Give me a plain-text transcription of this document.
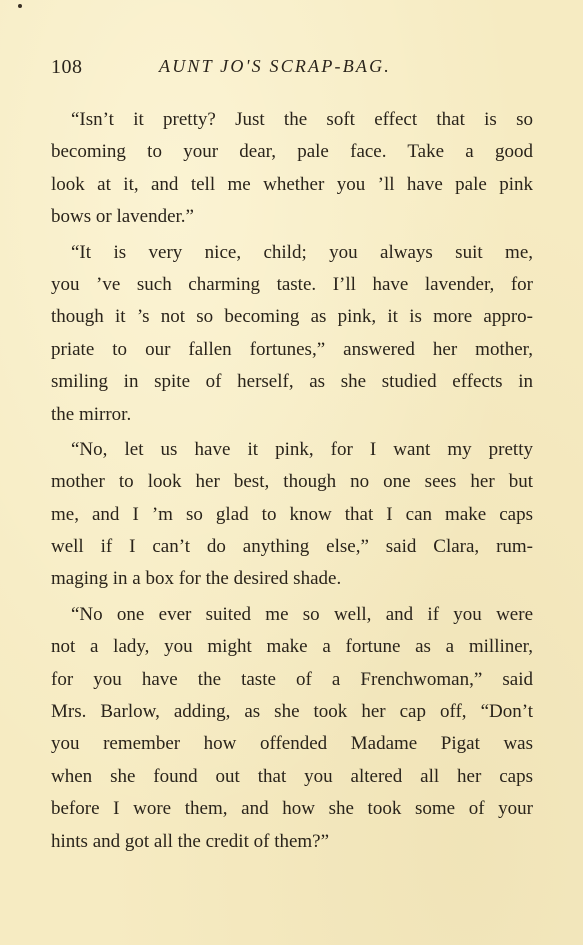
108	AUNT JO'S SCRAP-BAG.
“Isn’t it pretty? Just the soft effect that is so
becoming to your dear, pale face. Take a good
look at it, and tell me whether you ’ll have pale pink
bows or lavender.”
“It is very nice, child; you always suit me,
you ’ve such charming taste. I’ll have lavender, for
though it ’s not so becoming as pink, it is more appro-
priate to our fallen fortunes,” answered her mother,
smiling in spite of herself, as she studied effects in
the mirror.
“No, let us have it pink, for I want my pretty
mother to look her best, though no one sees her but
me, and I ’m so glad to know that I can make caps
well if I can’t do anything else,” said Clara, rum-
maging in a box for the desired shade.
“No one ever suited me so well, and if you were
not a lady, you might make a fortune as a milliner,
for you have the taste of a Frenchwoman,” said
Mrs. Barlow, adding, as she took her cap off, “Don’t
you remember how offended Madame Pigat was
when she found out that you altered all her caps
before I wore them, and how she took some of your
hints and got all the credit of them?”
